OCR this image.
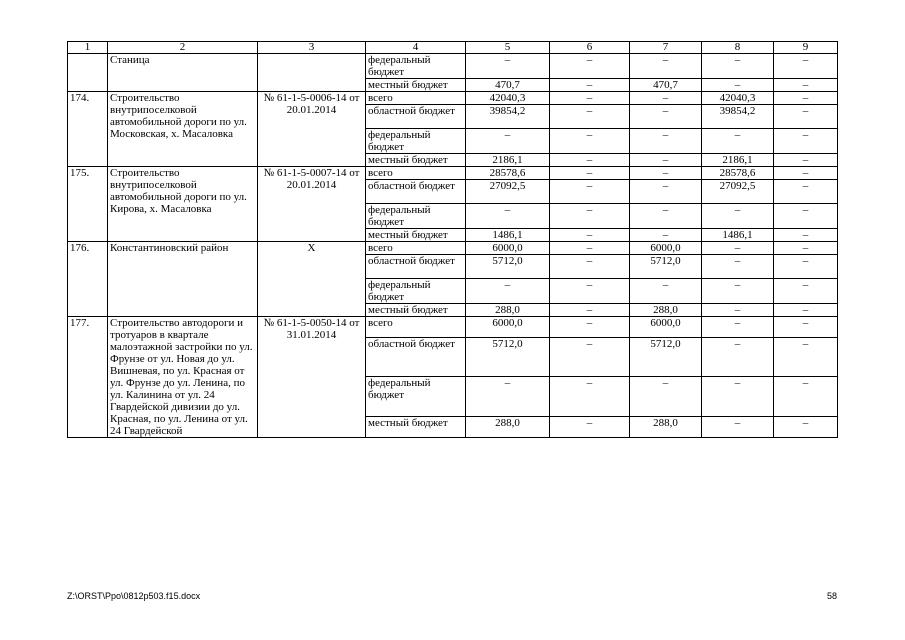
1	2	3	4	5	6	7	8	9
	Станица		федеральный бюджет	–	–	–	–	–
			местный бюджет	470,7	–	470,7	–	–
174.	Строительство внутрипоселковой автомобильной дороги по ул. Московская, х. Масаловка	№ 61-1-5-0006-14 от 20.01.2014	всего	42040,3	–	–	42040,3	–
			областной бюджет	39854,2	–	–	39854,2	–
			федеральный бюджет	–	–	–	–	–
			местный бюджет	2186,1	–	–	2186,1	–
175.	Строительство внутрипоселковой автомобильной дороги по ул. Кирова, х. Масаловка	№ 61-1-5-0007-14 от 20.01.2014	всего	28578,6	–	–	28578,6	–
			областной бюджет	27092,5	–	–	27092,5	–
			федеральный бюджет	–	–	–	–	–
			местный бюджет	1486,1	–	–	1486,1	–
176.	Константиновский район	X	всего	6000,0	–	6000,0	–	–
			областной бюджет	5712,0	–	5712,0	–	–
			федеральный бюджет	–	–	–	–	–
			местный бюджет	288,0	–	288,0	–	–
177.	Строительство автодороги и тротуаров в квартале малоэтажной застройки по ул. Фрунзе от ул. Новая до ул. Вишневая, по ул. Красная от ул. Фрунзе до ул. Ленина, по ул. Калинина от ул. 24 Гвардейской дивизии до ул. Красная, по ул. Ленина от ул. 24 Гвардейской	№ 61-1-5-0050-14 от 31.01.2014	всего	6000,0	–	6000,0	–	–
			областной бюджет	5712,0	–	5712,0	–	–
			федеральный бюджет	–	–	–	–	–
			местный бюджет	288,0	–	288,0	–	–
Z:\ORST\Ppo\0812p503.f15.docx	58
